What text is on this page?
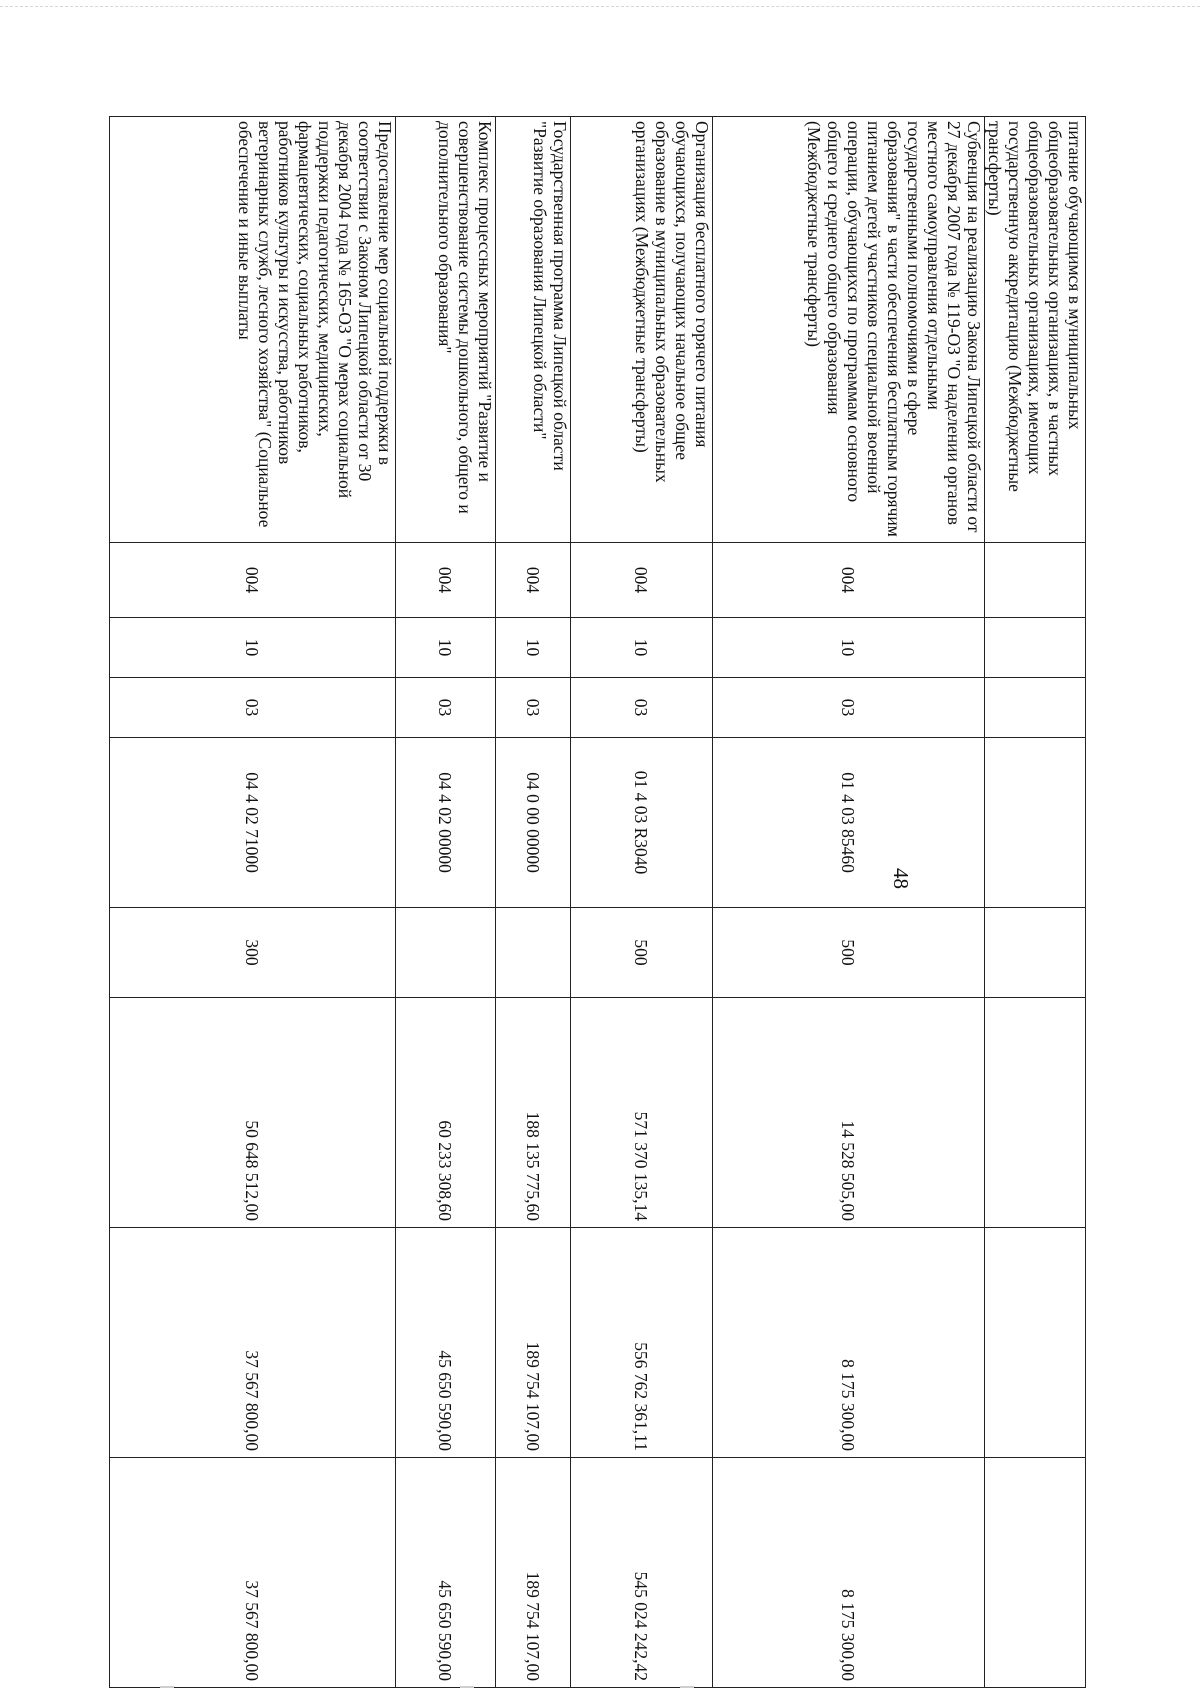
48
питание обучающимся в муниципальных общеобразовательных организациях, в частных общеобразовательных организациях, имеющих государственную аккредитацию (Межбюджетные трансферты)								
Субвенция на реализацию Закона Липецкой области от 27 декабря 2007 года № 119-ОЗ "О наделении органов местного самоуправления отдельными государственными полномочиями в сфере образования" в части обеспечения бесплатным горячим питанием детей участников специальной военной операции, обучающихся по программам основного общего и среднего общего образования (Межбюджетные трансферты)	004	10	03	01 4 03 85460	500	14 528 505,00	8 175 300,00	8 175 300,00
Организация бесплатного горячего питания обучающихся, получающих начальное общее образование в муниципальных образовательных организациях (Межбюджетные трансферты)	004	10	03	01 4 03 R3040	500	571 370 135,14	556 762 361,11	545 024 242,42
Государственная программа Липецкой области "Развитие образования Липецкой области"	004	10	03	04 0 00 00000		188 135 775,60	189 754 107,00	189 754 107,00
Комплекс процессных мероприятий "Развитие и совершенствование системы дошкольного, общего и дополнительного образования"	004	10	03	04 4 02 00000		60 233 308,60	45 650 590,00	45 650 590,00
Предоставление мер социальной поддержки в соответствии с Законом Липецкой области от 30 декабря 2004 года № 165-ОЗ "О мерах социальной поддержки педагогических, медицинских, фармацевтических, социальных работников, работников культуры и искусства, работников ветеринарных служб, лесного хозяйства" (Социальное обеспечение и иные выплаты	004	10	03	04 4 02 71000	300	50 648 512,00	37 567 800,00	37 567 800,00
